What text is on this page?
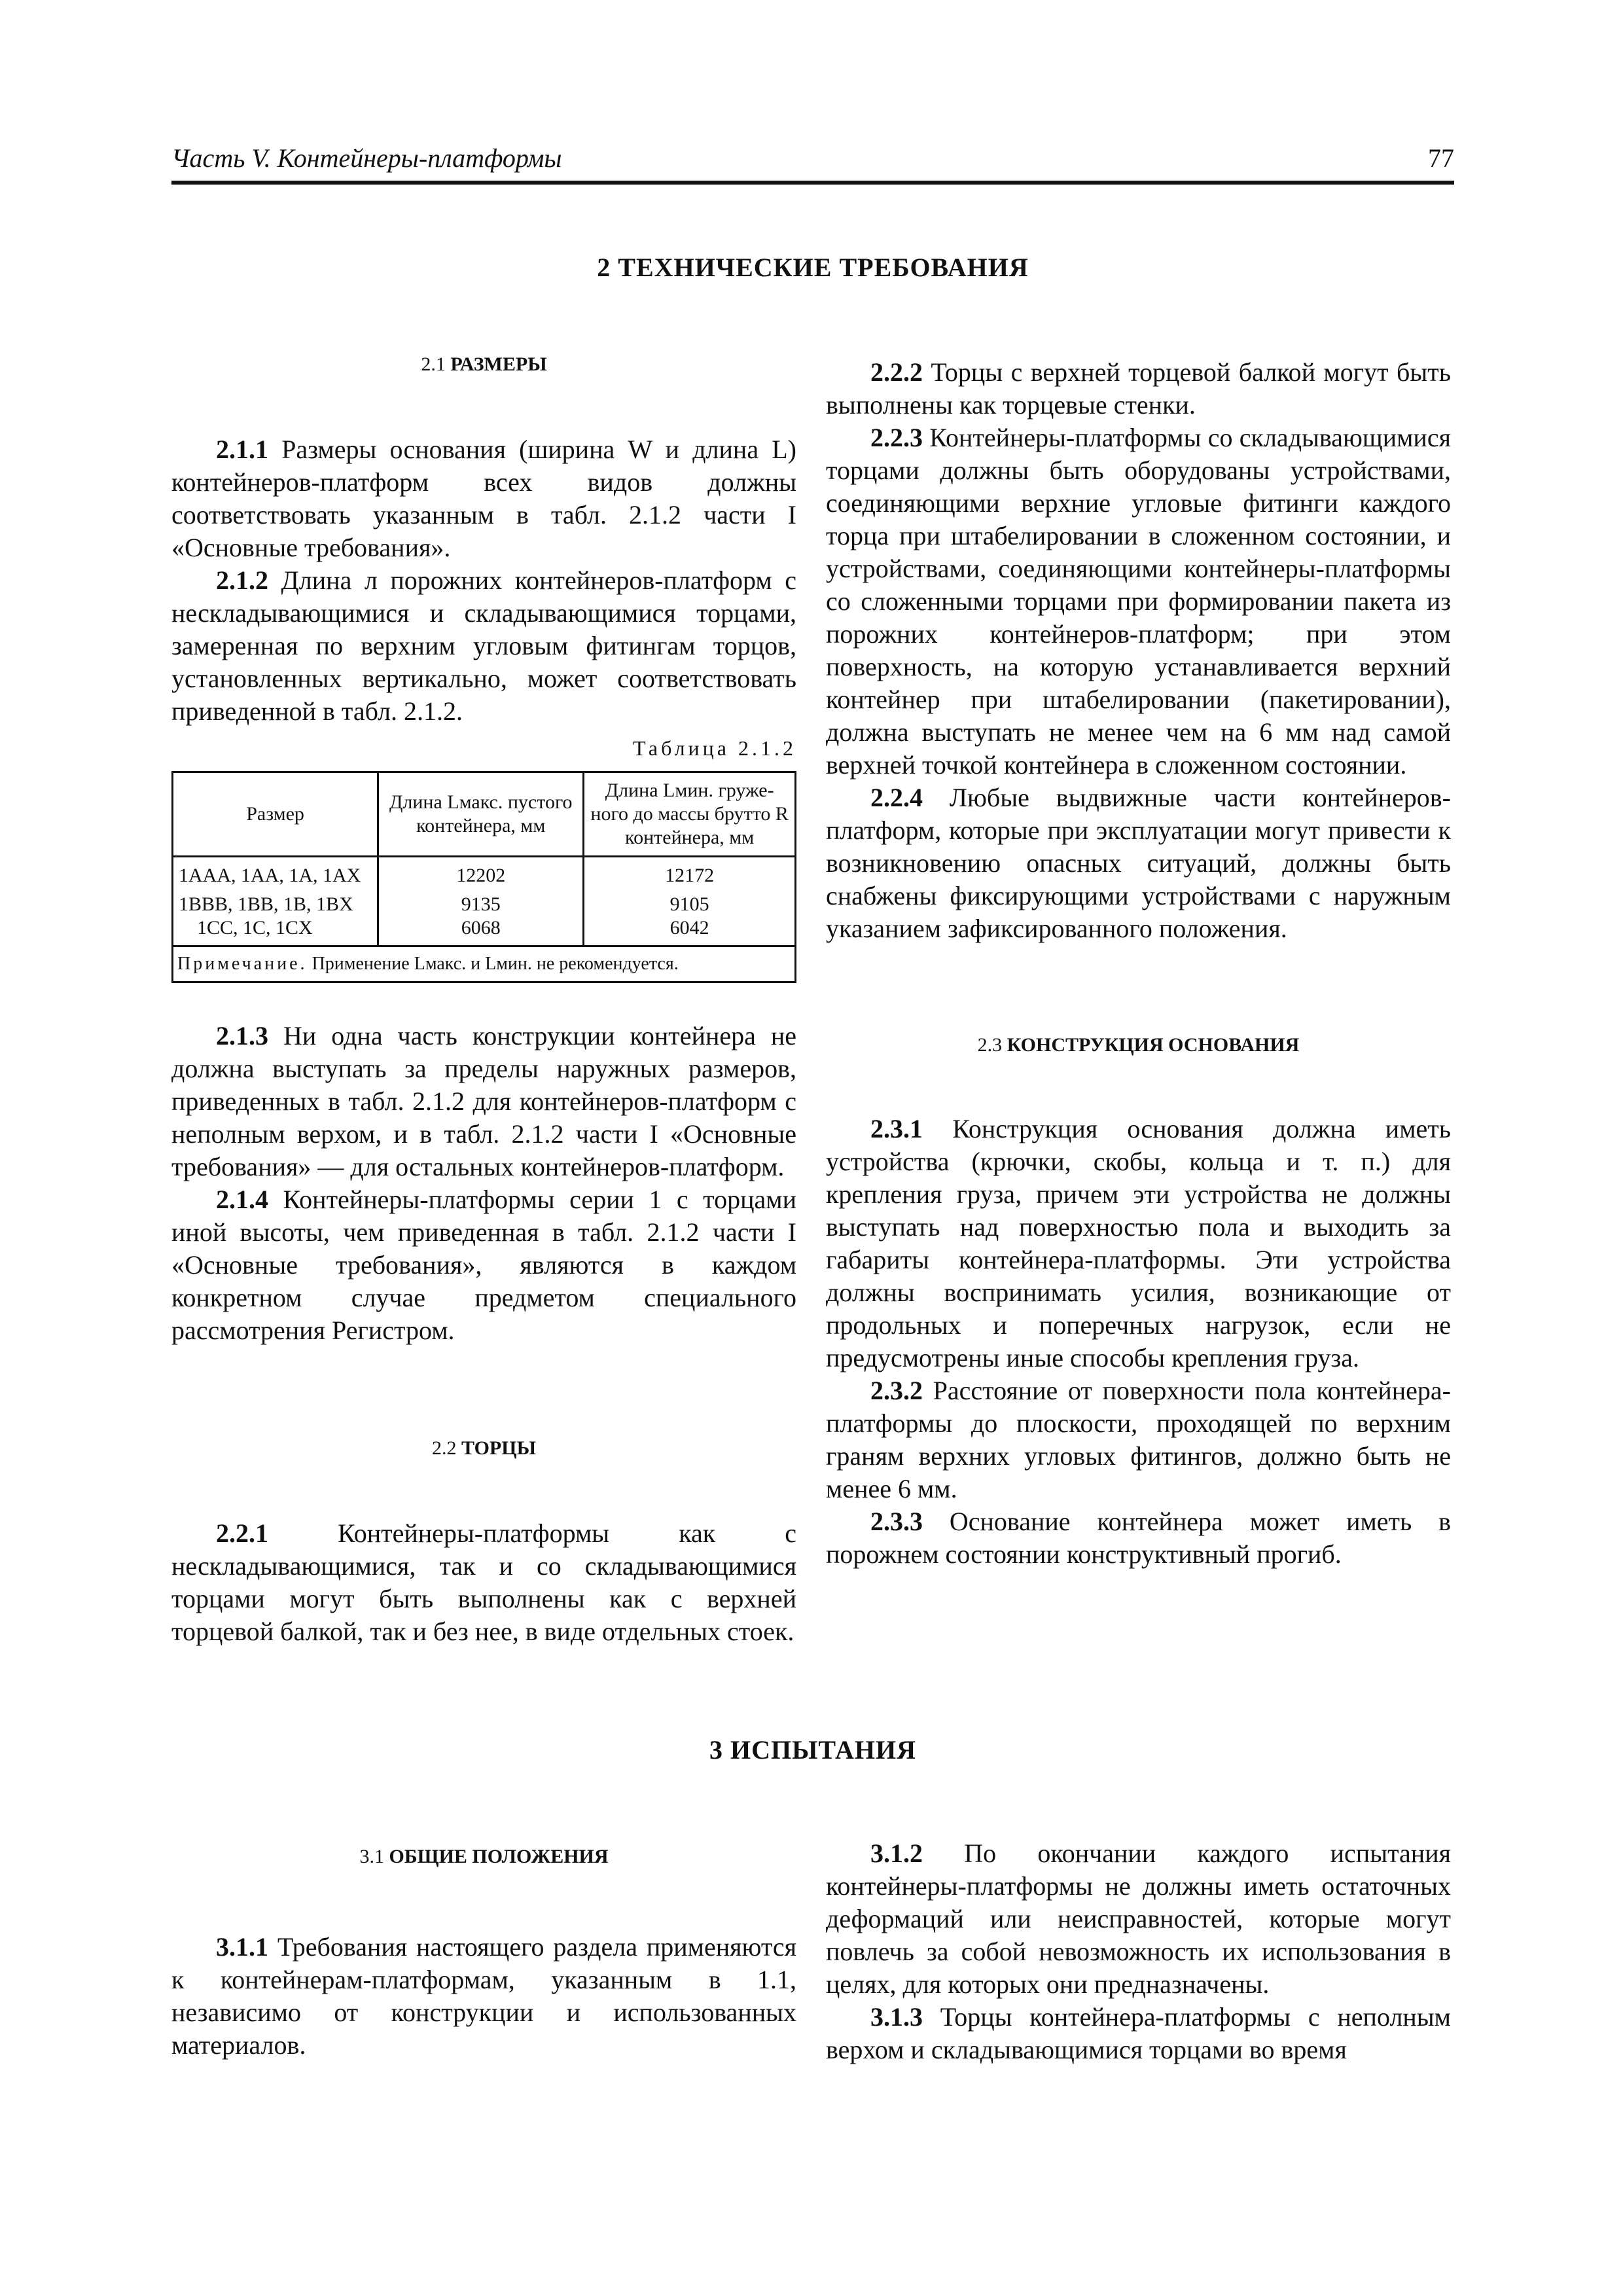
Часть V. Контейнеры-платформы	77
2 ТЕХНИЧЕСКИЕ ТРЕБОВАНИЯ
2.1 РАЗМЕРЫ

2.1.1 Размеры основания (ширина W и длина L) контейнеров-платформ всех видов должны соответствовать указанным в табл. 2.1.2 части I «Основные требования».

2.1.2 Длина л порожних контейнеров-платформ с нескладывающимися и складывающимися торцами, замеренная по верхним угловым фитингам торцов, установленных вертикально, может соответствовать приведенной в табл. 2.1.2.

Таблица 2.1.2
Размер	Длина Lмакс. пустого контейнера, мм	Длина Lмин. груже-ного до массы брутто R контейнера, мм
1AAA, 1AA, 1A, 1AX	12202	12172
1BBB, 1BB, 1B, 1BX	9135	9105
1CC, 1C, 1CX	6068	6042
Примечание. Применение Lмакс. и Lмин. не рекомендуется.		

2.1.3 Ни одна часть конструкции контейнера не должна выступать за пределы наружных размеров, приведенных в табл. 2.1.2 для контейнеров-платформ с неполным верхом, и в табл. 2.1.2 части I «Основные требования» — для остальных контейнеров-платформ.

2.1.4 Контейнеры-платформы серии 1 с торцами иной высоты, чем приведенная в табл. 2.1.2 части I «Основные требования», являются в каждом конкретном случае предметом специального рассмотрения Регистром.

2.2 ТОРЦЫ

2.2.1 Контейнеры-платформы как с нескладывающимися, так и со складывающимися торцами могут быть выполнены как с верхней торцевой балкой, так и без нее, в виде отдельных стоек.

2.2.2 Торцы с верхней торцевой балкой могут быть выполнены как торцевые стенки.

2.2.3 Контейнеры-платформы со складывающимися торцами должны быть оборудованы устройствами, соединяющими верхние угловые фитинги каждого торца при штабелировании в сложенном состоянии, и устройствами, соединяющими контейнеры-платформы со сложенными торцами при формировании пакета из порожних контейнеров-платформ; при этом поверхность, на которую устанавливается верхний контейнер при штабелировании (пакетировании), должна выступать не менее чем на 6 мм над самой верхней точкой контейнера в сложенном состоянии.

2.2.4 Любые выдвижные части контейнеров-платформ, которые при эксплуатации могут привести к возникновению опасных ситуаций, должны быть снабжены фиксирующими устройствами с наружным указанием зафиксированного положения.

2.3 КОНСТРУКЦИЯ ОСНОВАНИЯ

2.3.1 Конструкция основания должна иметь устройства (крючки, скобы, кольца и т. п.) для крепления груза, причем эти устройства не должны выступать над поверхностью пола и выходить за габариты контейнера-платформы. Эти устройства должны воспринимать усилия, возникающие от продольных и поперечных нагрузок, если не предусмотрены иные способы крепления груза.

2.3.2 Расстояние от поверхности пола контейнера-платформы до плоскости, проходящей по верхним граням верхних угловых фитингов, должно быть не менее 6 мм.

2.3.3 Основание контейнера может иметь в порожнем состоянии конструктивный прогиб.

3 ИСПЫТАНИЯ
3.1 ОБЩИЕ ПОЛОЖЕНИЯ

3.1.1 Требования настоящего раздела применяются к контейнерам-платформам, указанным в 1.1, независимо от конструкции и использованных материалов.

3.1.2 По окончании каждого испытания контейнеры-платформы не должны иметь остаточных деформаций или неисправностей, которые могут повлечь за собой невозможность их использования в целях, для которых они предназначены.

3.1.3 Торцы контейнера-платформы с неполным верхом и складывающимися торцами во время
